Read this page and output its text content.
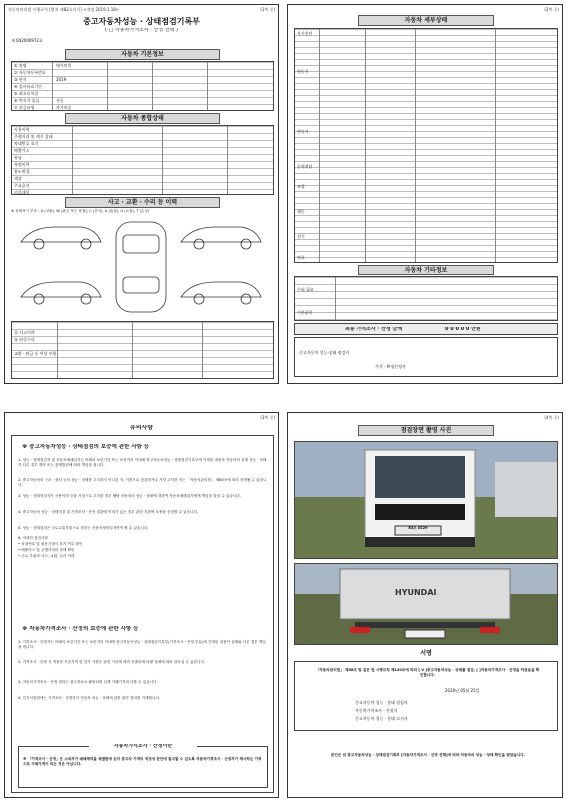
자동차관리법 시행규칙 [별지 제82호서식] <개정 2019.1.18>	(1쪽 중)
중고자동차성능 · 상태점검기록부
( □ 자동차가격조사 · 산정 선택 )
제 042000972호
자동차 기본정보
① 차명
② 자동차등록번호
③ 연식
④ 검사유효기간
⑤ 최초등록일
⑥ 변속기 종류
⑦ 보증유형
메가트럭
2019
자동
자가보증
자동차 종합상태
사용이력
주행거리 및 계기 상태
차대번호 표기
배출가스
튜닝
특별이력
용도변경
색상
주요옵션
리콜대상
사고 · 교환 · 수리 등 이력
※ 상태표시 부호 : X (교환), W (판금 또는 용접), C (부식), A (흠집), U (요철), T (손상)
⑮ 사고이력
⑯ 단순수리
교환 · 판금 등 이상 부위
(2쪽 중)
자동차 세부상태
자기진단
원동기
변속기
동력전달
조향
제동
전기
연료
자동차 기타정보
수리 필요
기본품목
최종 가격조사 · 산정 금액	0 0 0 0 0 만원
중고자동차 성능·상태 점검자
가격 · 확정산정자
(3쪽 중)
유의사항
※ 중고자동차성능 · 상태점검의 보증에 관한 사항 등
1. 성능 · 상태점검자 및 자동차매매업자는 아래의 보증기간 또는 보증거리 이내에 중고자동차성능 · 상태점검기록부에 기재된 내용과 자동차의 실제 성능 · 상태가 다른 경우 계약 또는 관계법령에 따라 책임을 집니다.
2. 중고자동차의 구조 · 장치 등의 성능 · 상태를 고지하지 아니한 자, 거짓으로 점검하거나 거짓 고지한 자는 「자동차관리법」 제80조에 따라 처벌될 수 있습니다.
3. 성능 · 상태점검자가 사용이력 등을 거짓으로 고지한 경우 해당 자동차의 성능 · 상태에 대하여 자동차매매업자에게 책임을 물을 수 있습니다.
4. 중고자동차 성능 · 상태점검 및 가격조사 · 산정 결과에 이의가 있는 경우 관련 기관에 조정을 신청할 수 있습니다.
5. 성능 · 상태점검은 국토교통부령으로 정하는 자동차정비업자만이 할 수 있습니다.
6. 자세한 점검사항
• 차대번호 및 원동기형식 표기 여부 확인
• 배출가스 및 주행거리의 상태 확인
• 주요 부위의 사고, 교환, 수리 이력
※ 자동차가격조사 · 산정의 보증에 관한 사항 등
1. 가격조사 · 산정자는 아래의 보증기간 또는 보증거리 이내에 중고자동차성능 · 상태점검기록부(가격조사 · 산정 부분)에 기재된 내용이 실제와 다른 경우 책임을 집니다.
2. 가격조사 · 산정 시 적용한 기준가격 및 감가 사항은 관련 기준에 따라 산출되며 차량 상태에 따라 달라질 수 있습니다.
3. 자동차가격조사 · 산정 결과는 참고자료로 활용되며 실제 거래가격과 다를 수 있습니다.
4. 특기사항란에는 가격조사 · 산정자가 자동차 성능 · 상태에 관한 판단 결과를 기재합니다.
자동차가격조사 · 산정이란
※ 「가격조사 · 산정」은 소비자가 매매계약을 체결함에 있어 중고차 가격의 적정성 판단에 참고할 수 있도록 자동차가격조사 · 산정자가 제시하는 가격으로 구매가격이 되는 것은 아닙니다.
(4쪽 중)
점검장면 촬영 사진
83오 0229
HYUNDAI
서명
「자동차관리법」 제58조 및 같은 법 시행규칙 제120조에 따라 [ V ]중고자동차성능 · 상태를 점검, [ ]자동차가격조사 · 산정을 하였음을 확인합니다.
2020년 05월 25일
중고자동차 성능 · 상태 점검자
자동차가격조사 · 산정자
중고자동차 성능 · 상태 고지자
본인은 위 중고자동차성능 · 상태점검기록부 [자동차가격조사 · 산정 선택]에 따라 자동차의 성능 · 상태 확인을 받았습니다.
